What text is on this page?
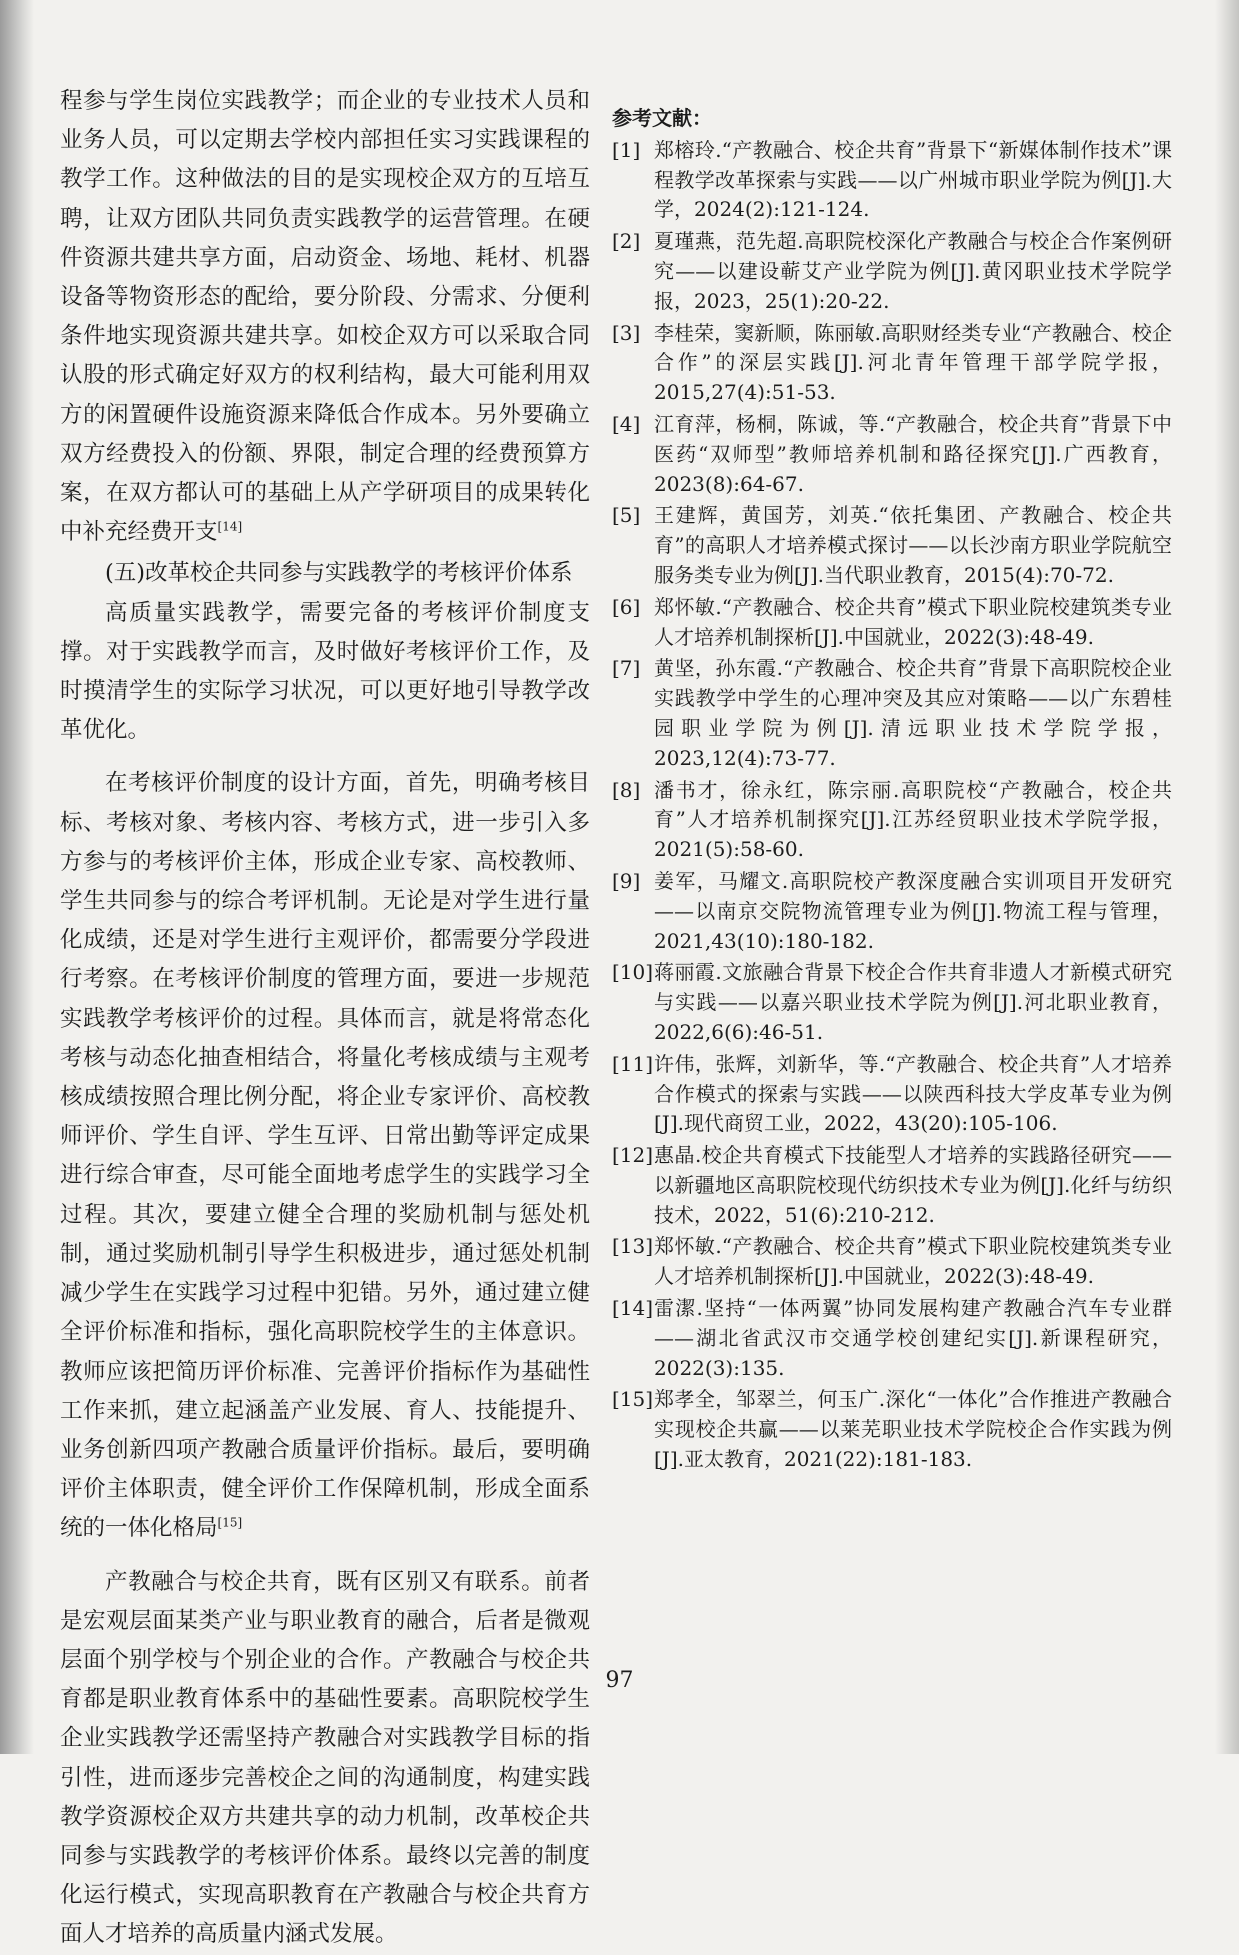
程参与学生岗位实践教学；而企业的专业技术人员和业务人员，可以定期去学校内部担任实习实践课程的教学工作。这种做法的目的是实现校企双方的互培互聘，让双方团队共同负责实践教学的运营管理。在硬件资源共建共享方面，启动资金、场地、耗材、机器设备等物资形态的配给，要分阶段、分需求、分便利条件地实现资源共建共享。如校企双方可以采取合同认股的形式确定好双方的权利结构，最大可能利用双方的闲置硬件设施资源来降低合作成本。另外要确立双方经费投入的份额、界限，制定合理的经费预算方案，在双方都认可的基础上从产学研项目的成果转化中补充经费开支[14]

(五)改革校企共同参与实践教学的考核评价体系

高质量实践教学，需要完备的考核评价制度支撑。对于实践教学而言，及时做好考核评价工作，及时摸清学生的实际学习状况，可以更好地引导教学改革优化。

在考核评价制度的设计方面，首先，明确考核目标、考核对象、考核内容、考核方式，进一步引入多方参与的考核评价主体，形成企业专家、高校教师、学生共同参与的综合考评机制。无论是对学生进行量化成绩，还是对学生进行主观评价，都需要分学段进行考察。在考核评价制度的管理方面，要进一步规范实践教学考核评价的过程。具体而言，就是将常态化考核与动态化抽查相结合，将量化考核成绩与主观考核成绩按照合理比例分配，将企业专家评价、高校教师评价、学生自评、学生互评、日常出勤等评定成果进行综合审查，尽可能全面地考虑学生的实践学习全过程。其次，要建立健全合理的奖励机制与惩处机制，通过奖励机制引导学生积极进步，通过惩处机制减少学生在实践学习过程中犯错。另外，通过建立健全评价标准和指标，强化高职院校学生的主体意识。教师应该把简历评价标准、完善评价指标作为基础性工作来抓，建立起涵盖产业发展、育人、技能提升、业务创新四项产教融合质量评价指标。最后，要明确评价主体职责，健全评价工作保障机制，形成全面系统的一体化格局[15]

产教融合与校企共育，既有区别又有联系。前者是宏观层面某类产业与职业教育的融合，后者是微观层面个别学校与个别企业的合作。产教融合与校企共育都是职业教育体系中的基础性要素。高职院校学生企业实践教学还需坚持产教融合对实践教学目标的指引性，进而逐步完善校企之间的沟通制度，构建实践教学资源校企双方共建共享的动力机制，改革校企共同参与实践教学的考核评价体系。最终以完善的制度化运行模式，实现高职教育在产教融合与校企共育方面人才培养的高质量内涵式发展。

参考文献：
[1] 郑榕玲.“产教融合、校企共育”背景下“新媒体制作技术”课程教学改革探索与实践——以广州城市职业学院为例[J].大学，2024(2):121-124.
[2] 夏瑾燕，范先超.高职院校深化产教融合与校企合作案例研究——以建设蕲艾产业学院为例[J].黄冈职业技术学院学报，2023，25(1):20-22.
[3] 李桂荣，窦新顺，陈丽敏.高职财经类专业“产教融合、校企合作”的深层实践[J].河北青年管理干部学院学报，2015,27(4):51-53.
[4] 江育萍，杨桐，陈诚，等.“产教融合，校企共育”背景下中医药“双师型”教师培养机制和路径探究[J].广西教育，2023(8):64-67.
[5] 王建辉，黄国芳，刘英.“依托集团、产教融合、校企共育”的高职人才培养模式探讨——以长沙南方职业学院航空服务类专业为例[J].当代职业教育，2015(4):70-72.
[6] 郑怀敏.“产教融合、校企共育”模式下职业院校建筑类专业人才培养机制探析[J].中国就业，2022(3):48-49.
[7] 黄坚，孙东霞.“产教融合、校企共育”背景下高职院校企业实践教学中学生的心理冲突及其应对策略——以广东碧桂园职业学院为例[J].清远职业技术学院学报，2023,12(4):73-77.
[8] 潘书才，徐永红，陈宗丽.高职院校“产教融合，校企共育”人才培养机制探究[J].江苏经贸职业技术学院学报，2021(5):58-60.
[9] 姜军，马耀文.高职院校产教深度融合实训项目开发研究——以南京交院物流管理专业为例[J].物流工程与管理，2021,43(10):180-182.
[10] 蒋丽霞.文旅融合背景下校企合作共育非遗人才新模式研究与实践——以嘉兴职业技术学院为例[J].河北职业教育，2022,6(6):46-51.
[11] 许伟，张辉，刘新华，等.“产教融合、校企共育”人才培养合作模式的探索与实践——以陕西科技大学皮革专业为例[J].现代商贸工业，2022，43(20):105-106.
[12] 惠晶.校企共育模式下技能型人才培养的实践路径研究——以新疆地区高职院校现代纺织技术专业为例[J].化纤与纺织技术，2022，51(6):210-212.
[13] 郑怀敏.“产教融合、校企共育”模式下职业院校建筑类专业人才培养机制探析[J].中国就业，2022(3):48-49.
[14] 雷潔.坚持“一体两翼”协同发展构建产教融合汽车专业群——湖北省武汉市交通学校创建纪实[J].新课程研究，2022(3):135.
[15] 郑孝全，邹翠兰，何玉广.深化“一体化”合作推进产教融合实现校企共赢——以莱芜职业技术学院校企合作实践为例[J].亚太教育，2021(22):181-183.
97
